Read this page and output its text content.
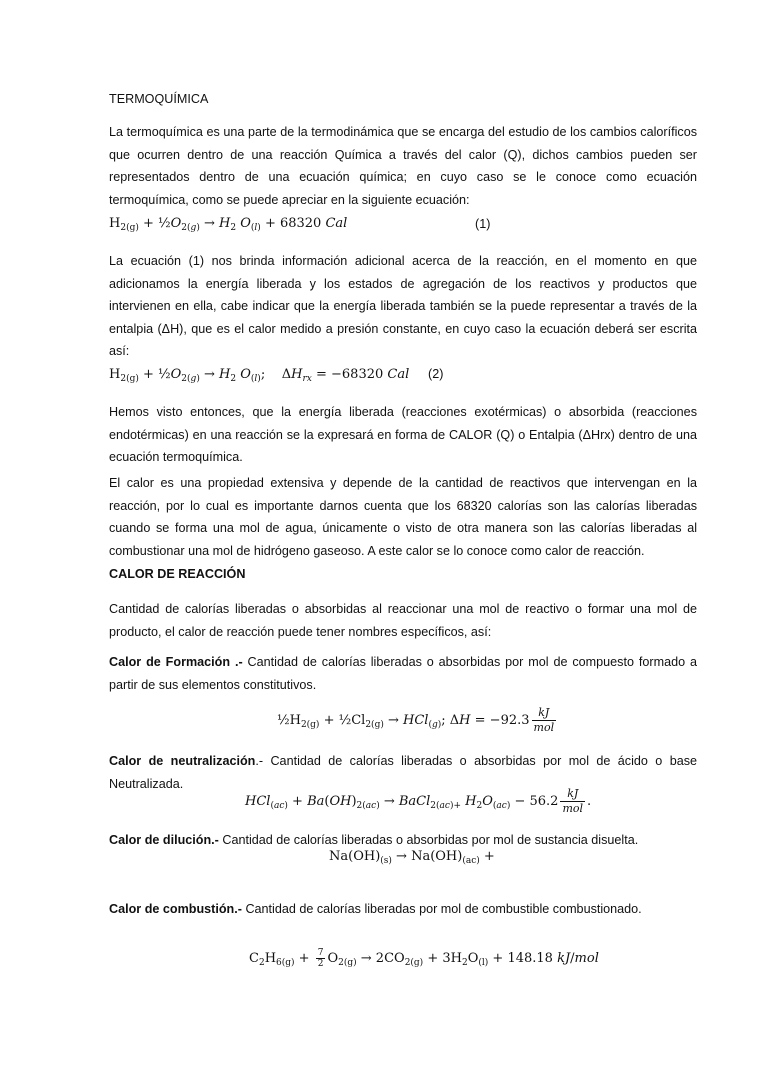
TERMOQUÍMICA

La termoquímica es una parte de la termodinámica que se encarga del estudio de los cambios caloríficos que ocurren dentro de una reacción Química a través del calor (Q), dichos cambios pueden ser representados dentro de una ecuación química; en cuyo caso se le conoce como ecuación termoquímica, como se puede apreciar en la siguiente ecuación:

$H_{2(g)}$ + $\frac{1}{2}O_{2(g)} \to H_2$ $O_{(l)} + 68320$ Cal	(1)

La ecuación (1) nos brinda información adicional acerca de la reacción, en el momento en que adicionamos la energía liberada y los estados de agregación de los reactivos y productos que intervienen en ella, cabe indicar que la energía liberada también se la puede representar a través de la entalpia (ΔH), que es el calor medido a presión constante, en cuyo caso la ecuación deberá ser escrita así:

$H_{2(g)}$ + $\frac{1}{2}O_{2(g)} \to H_2$ $O_{(l)}$;    $\Delta H_{rx} = -68320$ Cal (2)

Hemos visto entonces, que la energía liberada (reacciones exotérmicas) o absorbida (reacciones endotérmicas) en una reacción se la expresará en forma de CALOR (Q) o Entalpia (ΔHrx) dentro de una ecuación termoquímica.

El calor es una propiedad extensiva y depende de la cantidad de reactivos que intervengan en la reacción, por lo cual es importante darnos cuenta que los 68320 calorías son las calorías liberadas cuando se forma una mol de agua, únicamente o visto de otra manera son las calorías liberadas al combustionar una mol de hidrógeno gaseoso. A este calor se lo conoce como calor de reacción.

CALOR DE REACCIÓN

Cantidad de calorías liberadas o absorbidas al reaccionar una mol de reactivo o formar una mol de producto, el calor de reacción puede tener nombres específicos, así:

Calor de Formación .- Cantidad de calorías liberadas o absorbidas por mol de compuesto formado a partir de sus elementos constitutivos.

$\frac{1}{2}H_{2(g)}$ + $\frac{1}{2}Cl_{2(g)} \to HCl_{(g)}$; $\Delta H = -92.3 \frac{kJ}{\text{mol}}$

Calor de neutralización.- Cantidad de calorías liberadas o absorbidas por mol de ácido o base Neutralizada.

$HCl_{(ac)} + Ba(OH)_{2(ac)}$ → BaCl$_{2(ac)+}$ $H_2O_{(ac)} - 56.2 \frac{kJ}{\text{mol}}$ .

Calor de dilución.- Cantidad de calorías liberadas o absorbidas por mol de sustancia disuelta.

$Na(OH)_{(s)} \to Na(OH)_{(ac)}$ +

Calor de combustión.- Cantidad de calorías liberadas por mol de combustible combustionado.

$C_2H_{6(g)} + \frac{7}{2} O_{2(g)} \to 2CO_{2(g)} + 3H_2O_{(l)} + 148.18$ kJ/mol
